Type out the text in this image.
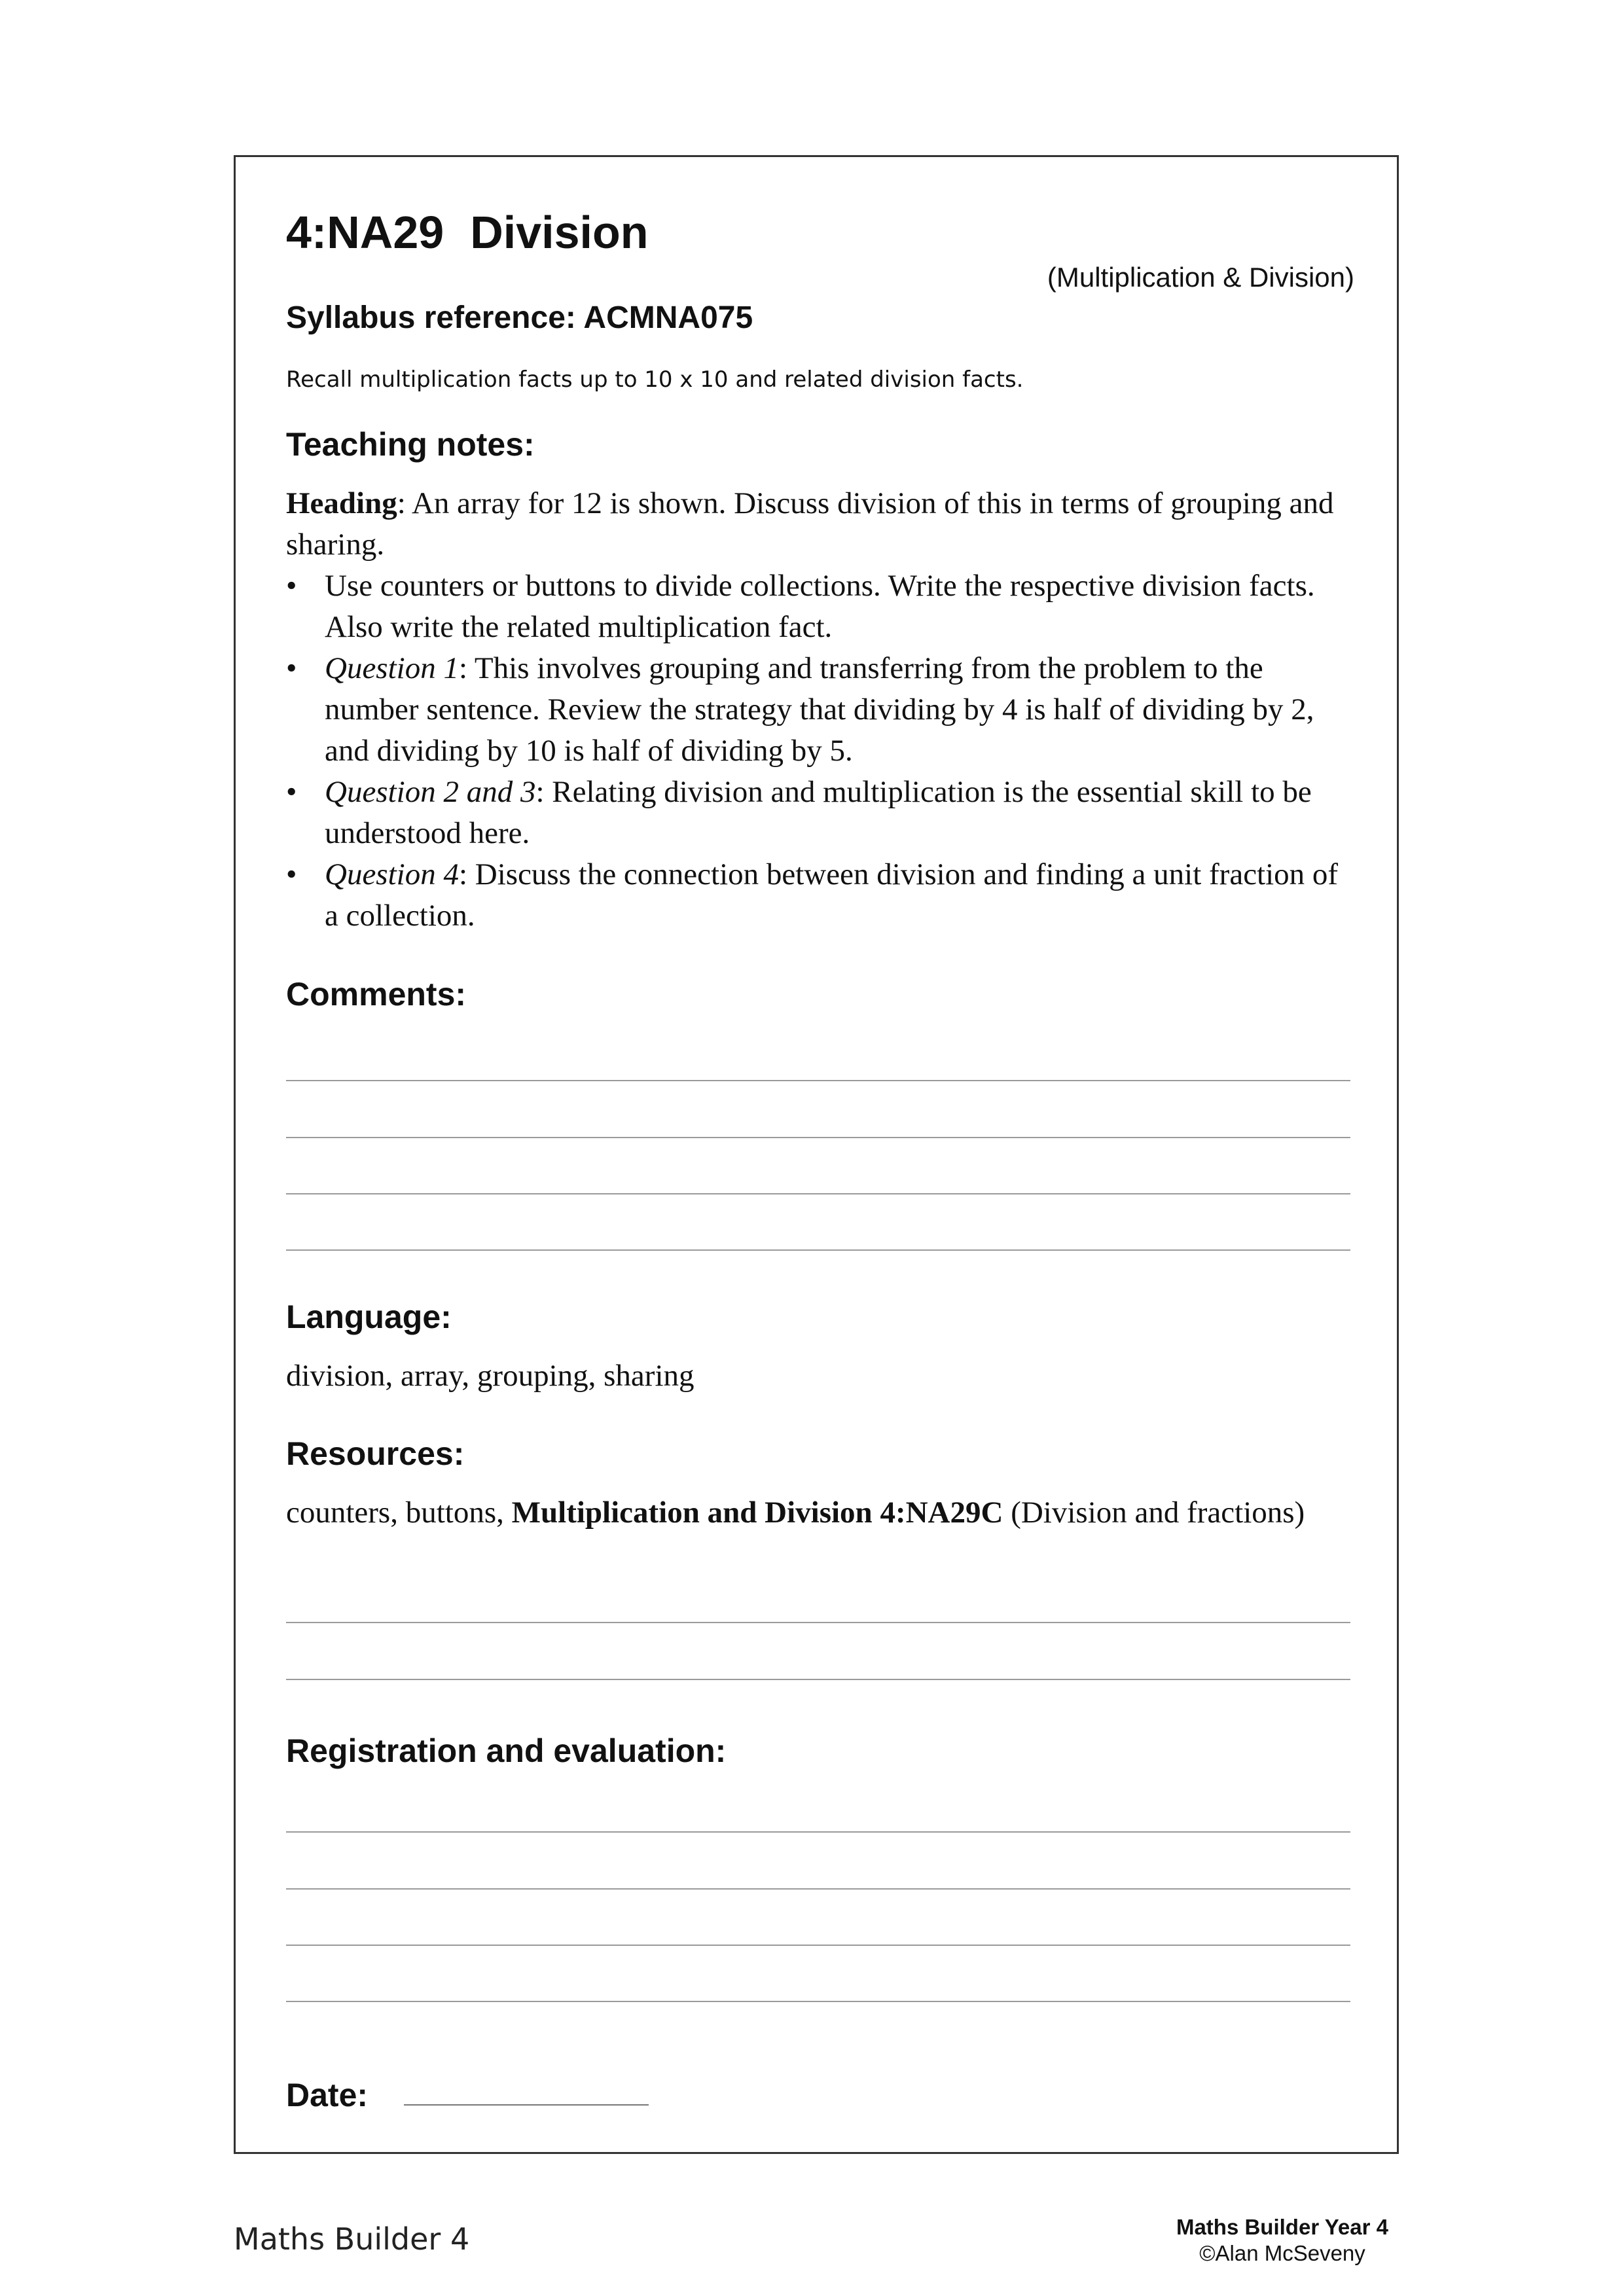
4:NA29 Division
(Multiplication & Division)
Syllabus reference: ACMNA075
Recall multiplication facts up to 10 x 10 and related division facts.
Teaching notes:
Heading: An array for 12 is shown. Discuss division of this in terms of grouping and sharing.
• Use counters or buttons to divide collections. Write the respective division facts. Also write the related multiplication fact.
• Question 1: This involves grouping and transferring from the problem to the number sentence. Review the strategy that dividing by 4 is half of dividing by 2, and dividing by 10 is half of dividing by 5.
• Question 2 and 3: Relating division and multiplication is the essential skill to be understood here.
• Question 4: Discuss the connection between division and finding a unit fraction of a collection.
Comments:
Language:
division, array, grouping, sharing
Resources:
counters, buttons, Multiplication and Division 4:NA29C (Division and fractions)
Registration and evaluation:
Date:
Maths Builder 4	Maths Builder Year 4
©Alan McSeveny
